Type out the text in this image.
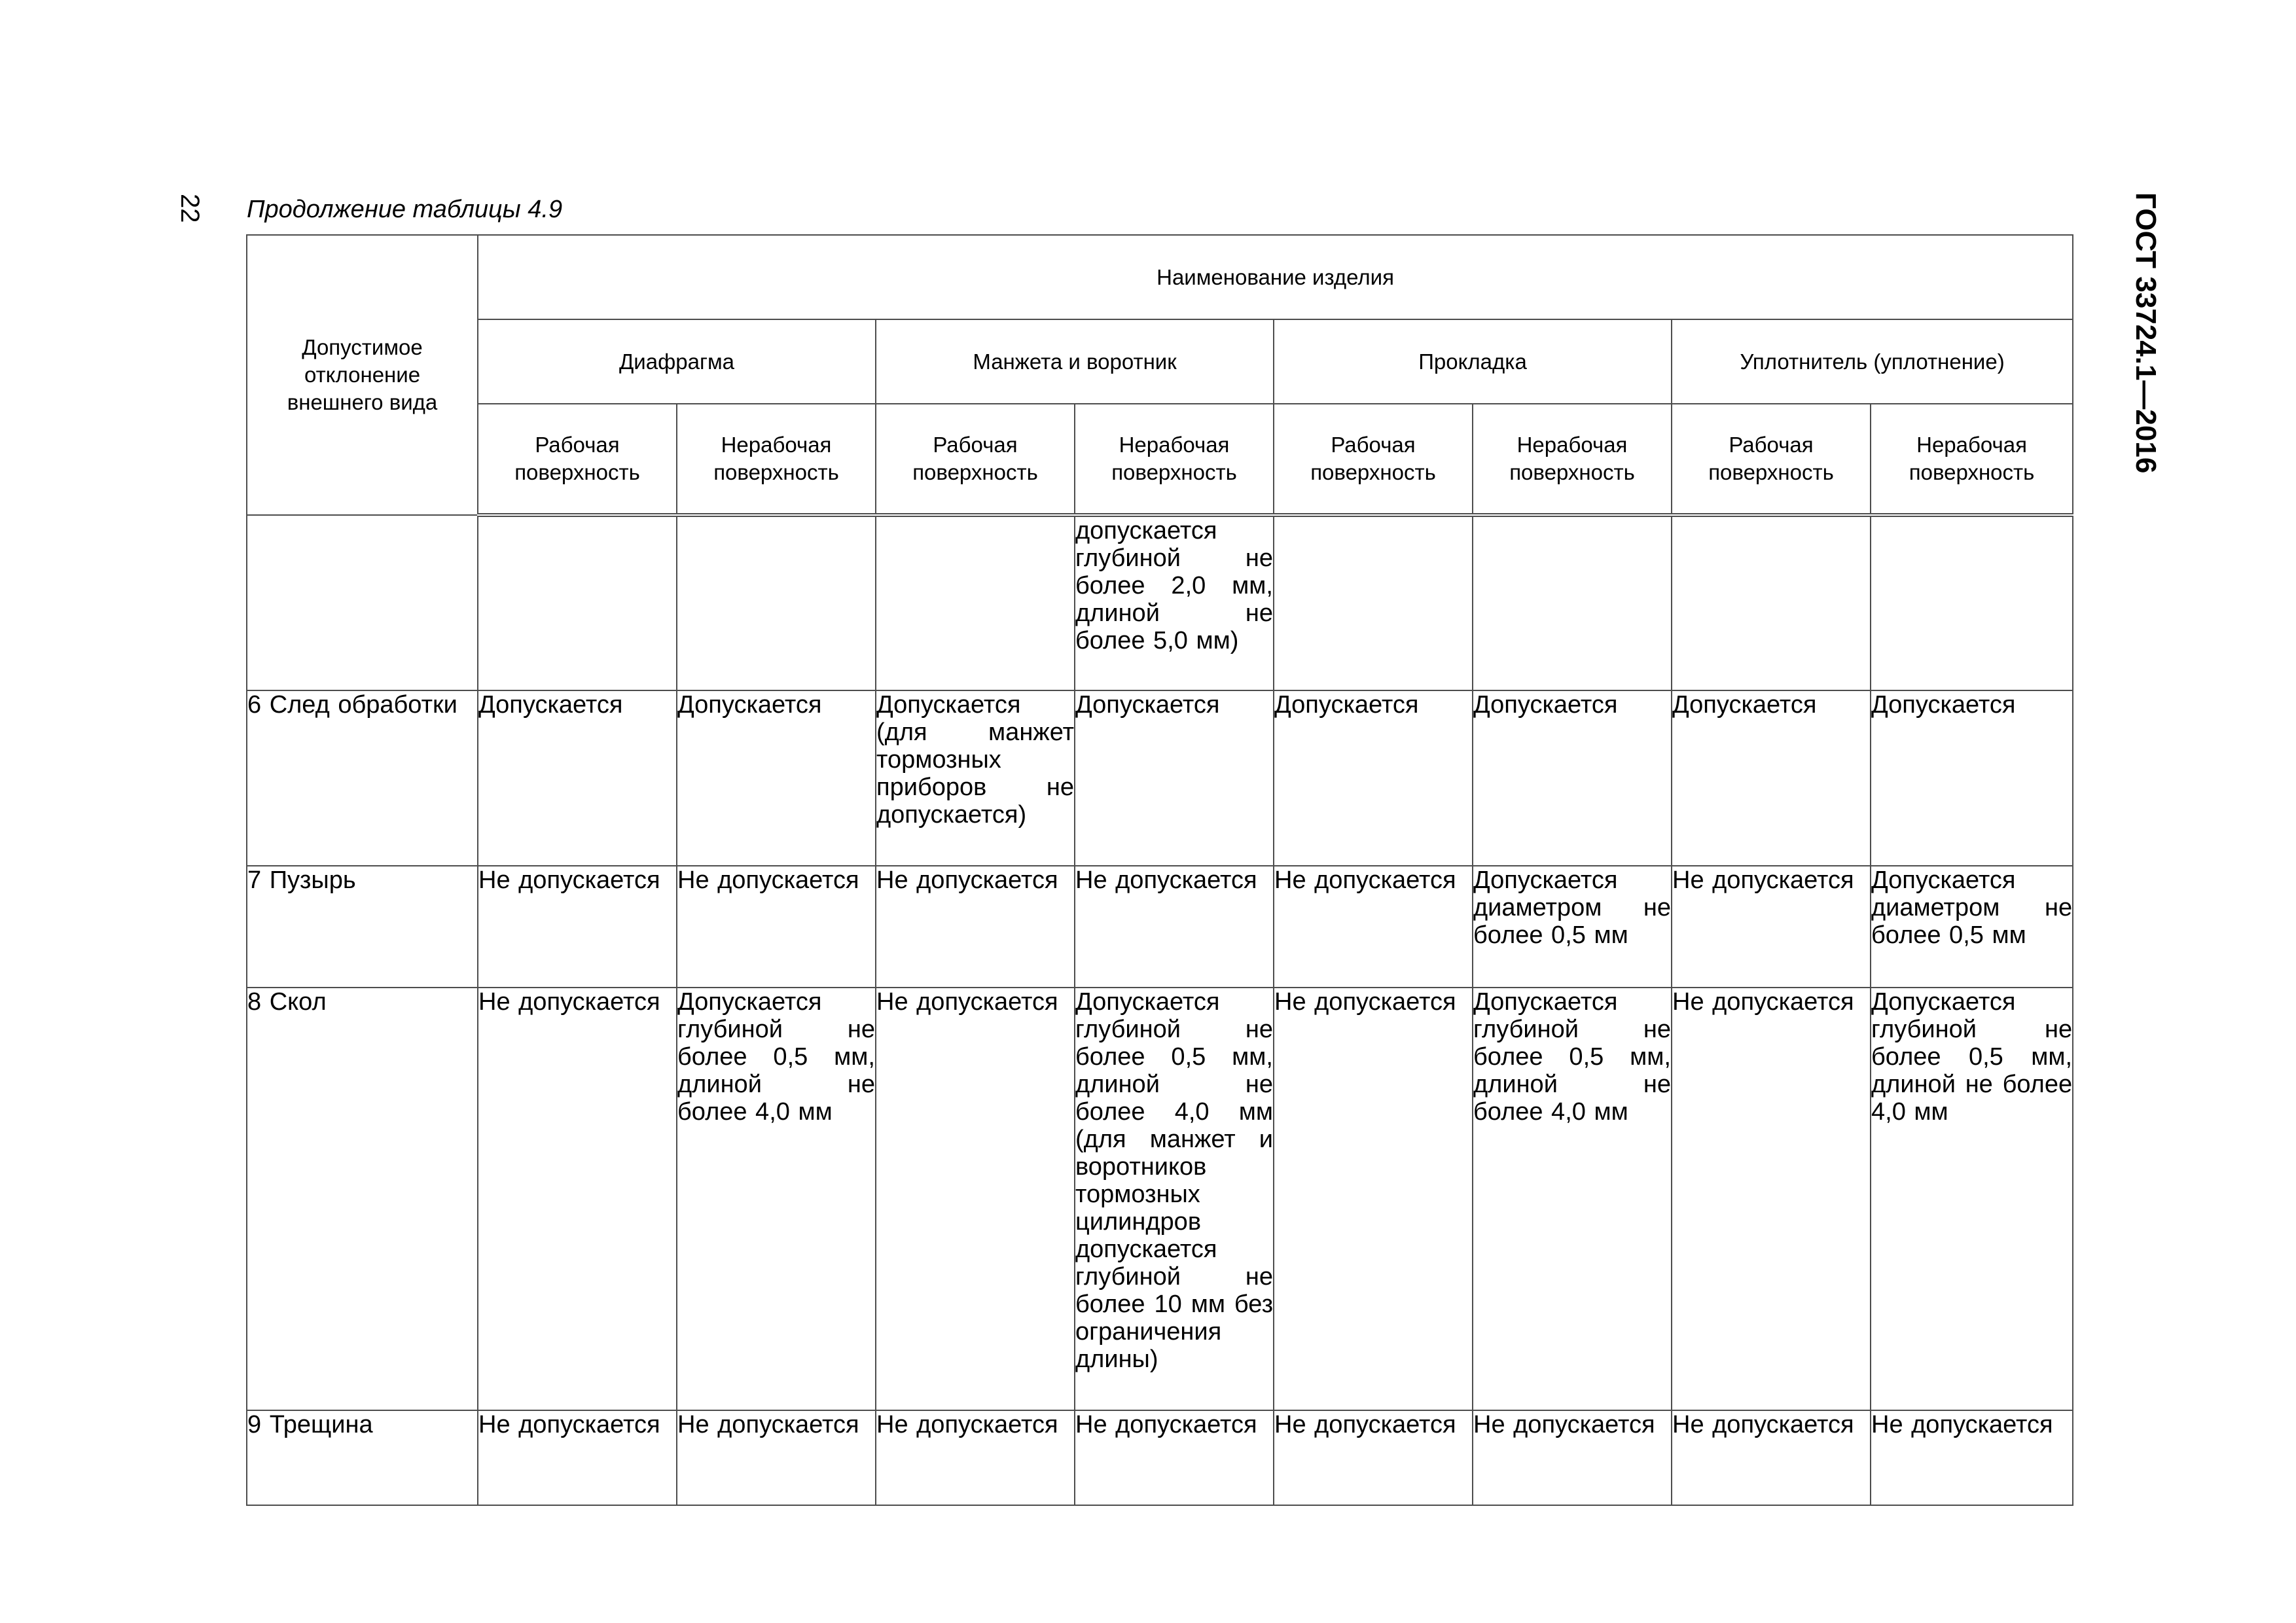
22	ГОСТ 33724.1—2016
Продолжение таблицы 4.9
Допустимое отклонение внешнего вида	Наименование изделия							
	Диафрагма		Манжета и воротник		Прокладка		Уплотнитель (уплотнение)	

	Рабочая поверхность	Нерабочая поверхность	Рабочая поверхность	Нерабочая поверхность	Рабочая поверхность	Нерабочая поверхность	Рабочая поверхность	Нерабочая поверхность

				допускается глубиной не более 2,0 мм, длиной не более 5,0 мм)				
6 След обработки	Допускается	Допускается	Допускается (для манжет тормозных приборов не допускается)	Допускается	Допускается	Допускается	Допускается	Допускается
7 Пузырь	Не допускается	Не допускается	Не допускается	Не допускается	Не допускается	Допускается диаметром не более 0,5 мм	Не допускается	Допускается диаметром не более 0,5 мм
8 Скол	Не допускается	Допускается глубиной не более 0,5 мм, длиной не более 4,0 мм	Не допускается	Допускается глубиной не более 0,5 мм, длиной не более 4,0 мм (для манжет и воротников тормозных цилиндров допускается глубиной не более 10 мм без ограничения длины)	Не допускается	Допускается глубиной не более 0,5 мм, длиной не более 4,0 мм	Не допускается	Допускается глубиной не более 0,5 мм, длиной не более 4,0 мм
9 Трещина	Не допускается	Не допускается	Не допускается	Не допускается	Не допускается	Не допускается	Не допускается	Не допускается
